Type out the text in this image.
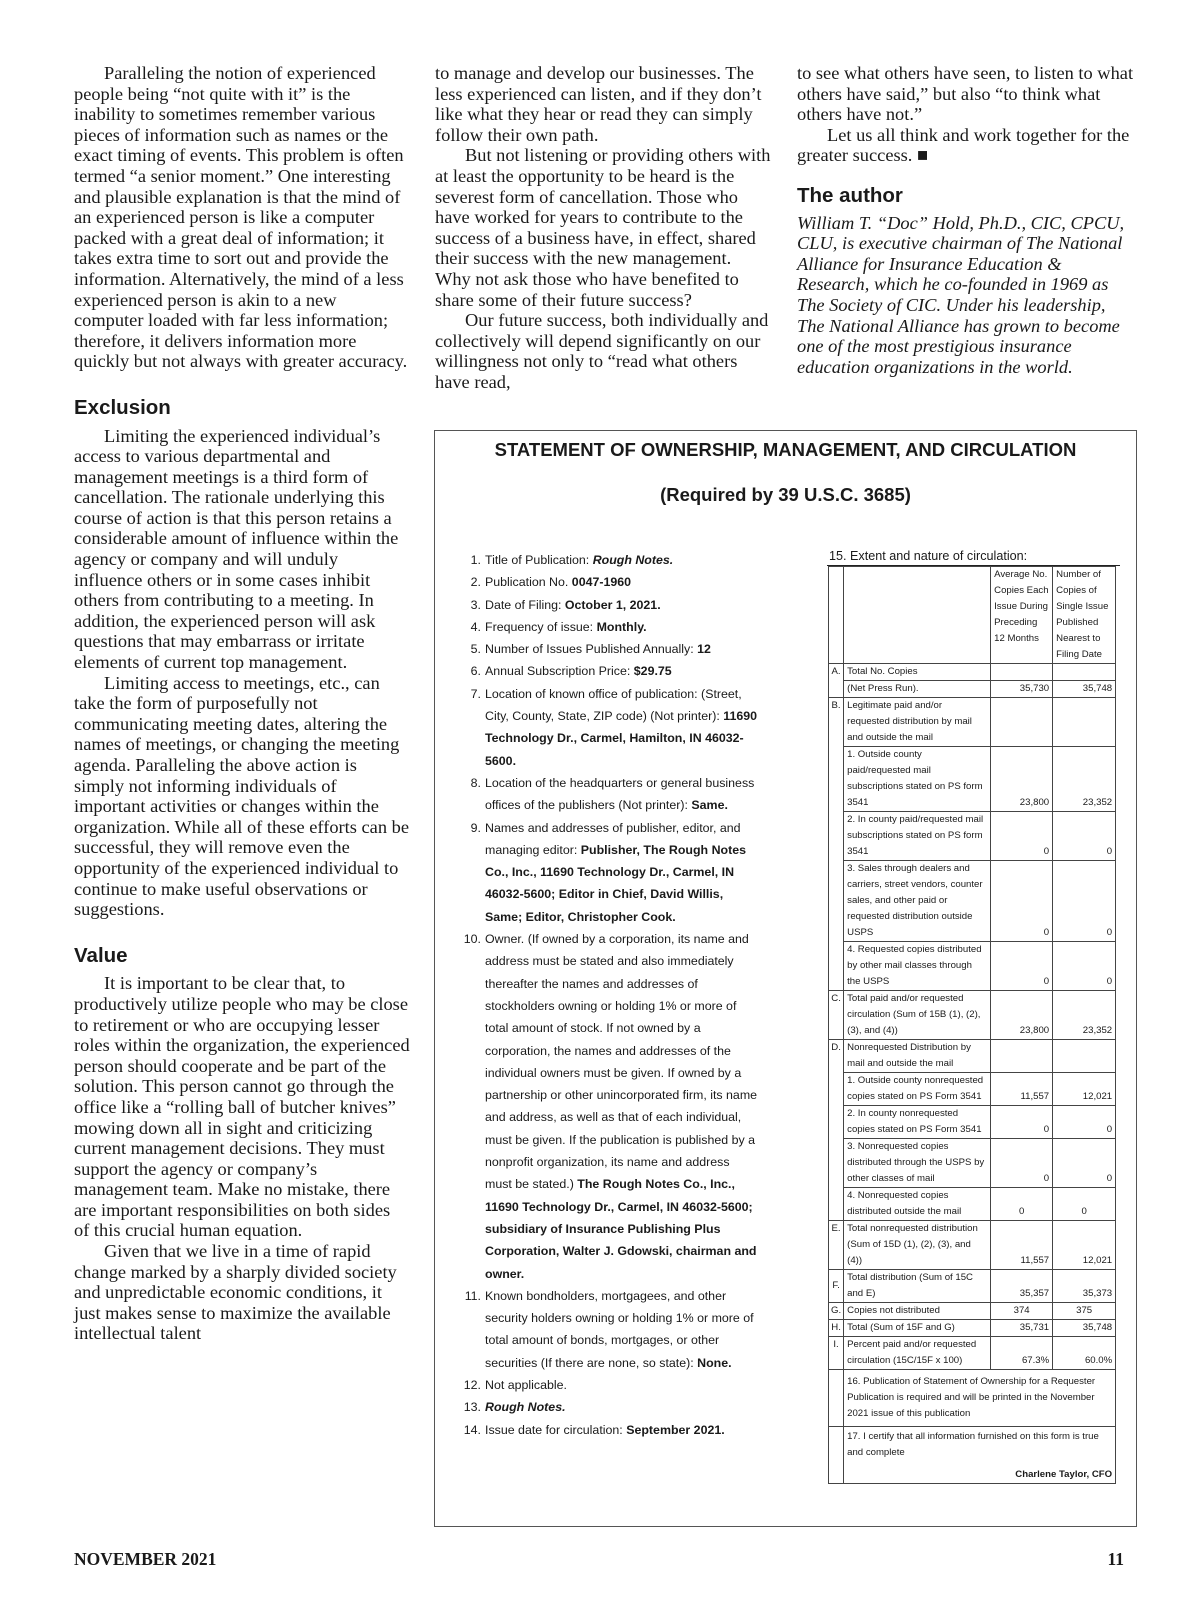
Paralleling the notion of experienced people being “not quite with it” is the inability to sometimes remember various pieces of information such as names or the exact timing of events. This problem is often termed “a senior moment.” One interesting and plausible explanation is that the mind of an experienced person is like a computer packed with a great deal of information; it takes extra time to sort out and provide the information. Alternatively, the mind of a less experienced person is akin to a new computer loaded with far less information; therefore, it delivers information more quickly but not always with greater accuracy.

Exclusion

Limiting the experienced individual’s access to various departmental and management meetings is a third form of cancellation. The rationale underlying this course of action is that this person retains a considerable amount of influence within the agency or company and will unduly influence others or in some cases inhibit others from contributing to a meeting. In addition, the experienced person will ask questions that may embarrass or irritate elements of current top management.

Limiting access to meetings, etc., can take the form of purposefully not communicating meeting dates, altering the names of meetings, or changing the meeting agenda. Paralleling the above action is simply not informing individuals of important activities or changes within the organization. While all of these efforts can be successful, they will remove even the opportunity of the experienced individual to continue to make useful observations or suggestions.

Value

It is important to be clear that, to productively utilize people who may be close to retirement or who are occupying lesser roles within the organization, the experienced person should cooperate and be part of the solution. This person cannot go through the office like a “rolling ball of butcher knives” mowing down all in sight and criticizing current management decisions. They must support the agency or company’s management team. Make no mistake, there are important responsibilities on both sides of this crucial human equation.

Given that we live in a time of rapid change marked by a sharply divided society and unpredictable economic conditions, it just makes sense to maximize the available intellectual talent

to manage and develop our businesses. The less experienced can listen, and if they don’t like what they hear or read they can simply follow their own path.

But not listening or providing others with at least the opportunity to be heard is the severest form of cancellation. Those who have worked for years to contribute to the success of a business have, in effect, shared their success with the new management. Why not ask those who have benefited to share some of their future success?

Our future success, both individually and collectively will depend significantly on our willingness not only to “read what others have read,

to see what others have seen, to listen to what others have said,” but also “to think what others have not.”

Let us all think and work together for the greater success. ■

The author

William T. “Doc” Hold, Ph.D., CIC, CPCU, CLU, is executive chairman of The National Alliance for Insurance Education & Research, which he co-founded in 1969 as The Society of CIC. Under his leadership, The National Alliance has grown to become one of the most prestigious insurance education organizations in the world.

STATEMENT OF OWNERSHIP, MANAGEMENT, AND CIRCULATION
(Required by 39 U.S.C. 3685)
1. Title of Publication: Rough Notes.
2. Publication No. 0047-1960
3. Date of Filing: October 1, 2021.
4. Frequency of issue: Monthly.
5. Number of Issues Published Annually: 12
6. Annual Subscription Price: $29.75
7. Location of known office of publication: (Street, City, County, State, ZIP code) (Not printer): 11690 Technology Dr., Carmel, Hamilton, IN 46032-5600.
8. Location of the headquarters or general business offices of the publishers (Not printer): Same.
9. Names and addresses of publisher, editor, and managing editor: Publisher, The Rough Notes Co., Inc., 11690 Technology Dr., Carmel, IN 46032-5600; Editor in Chief, David Willis, Same; Editor, Christopher Cook.
10. Owner. (If owned by a corporation, its name and address must be stated and also immediately thereafter the names and addresses of stockholders owning or holding 1% or more of total amount of stock. If not owned by a corporation, the names and addresses of the individual owners must be given. If owned by a partnership or other unincorporated firm, its name and address, as well as that of each individual, must be given. If the publication is published by a nonprofit organization, its name and address must be stated.) The Rough Notes Co., Inc., 11690 Technology Dr., Carmel, IN 46032-5600; subsidiary of Insurance Publishing Plus Corporation, Walter J. Gdowski, chairman and owner.
11. Known bondholders, mortgagees, and other security holders owning or holding 1% or more of total amount of bonds, mortgages, or other securities (If there are none, so state): None.
12. Not applicable.
13. Rough Notes.
14. Issue date for circulation: September 2021.
15. Extent and nature of circulation:
		Average No. Copies Each Issue During Preceding 12 Months	Number of Copies of Single Issue Published Nearest to Filing Date
A.	Total No. Copies		
	(Net Press Run).	35,730	35,748
B.	Legitimate paid and/or requested distribution by mail and outside the mail		
	1. Outside county paid/requested mail subscriptions stated on PS form 3541	23,800	23,352
	2. In county paid/requested mail subscriptions stated on PS form 3541	0	0
	3. Sales through dealers and carriers, street vendors, counter sales, and other paid or requested distribution outside USPS	0	0
	4. Requested copies distributed by other mail classes through the USPS	0	0
C.	Total paid and/or requested circulation (Sum of 15B (1), (2), (3), and (4))	23,800	23,352
D.	Nonrequested Distribution by mail and outside the mail		
	1. Outside county nonrequested copies stated on PS Form 3541	11,557	12,021
	2. In county nonrequested copies stated on PS Form 3541	0	0
	3. Nonrequested copies distributed through the USPS by other classes of mail	0	0
	4. Nonrequested copies distributed outside the mail	0	0
E.	Total nonrequested distribution (Sum of 15D (1), (2), (3), and (4))	11,557	12,021
F.	Total distribution (Sum of 15C and E)	35,357	35,373
G.	Copies not distributed	374	375
H.	Total (Sum of 15F and G)	35,731	35,748
I.	Percent paid and/or requested circulation (15C/15F x 100)	67.3%	60.0%
	16. Publication of Statement of Ownership for a Requester Publication is required and will be printed in the November 2021 issue of this publication		
	17. I certify that all information furnished on this form is true and complete		
	Charlene Taylor, CFO		
NOVEMBER 2021	11
